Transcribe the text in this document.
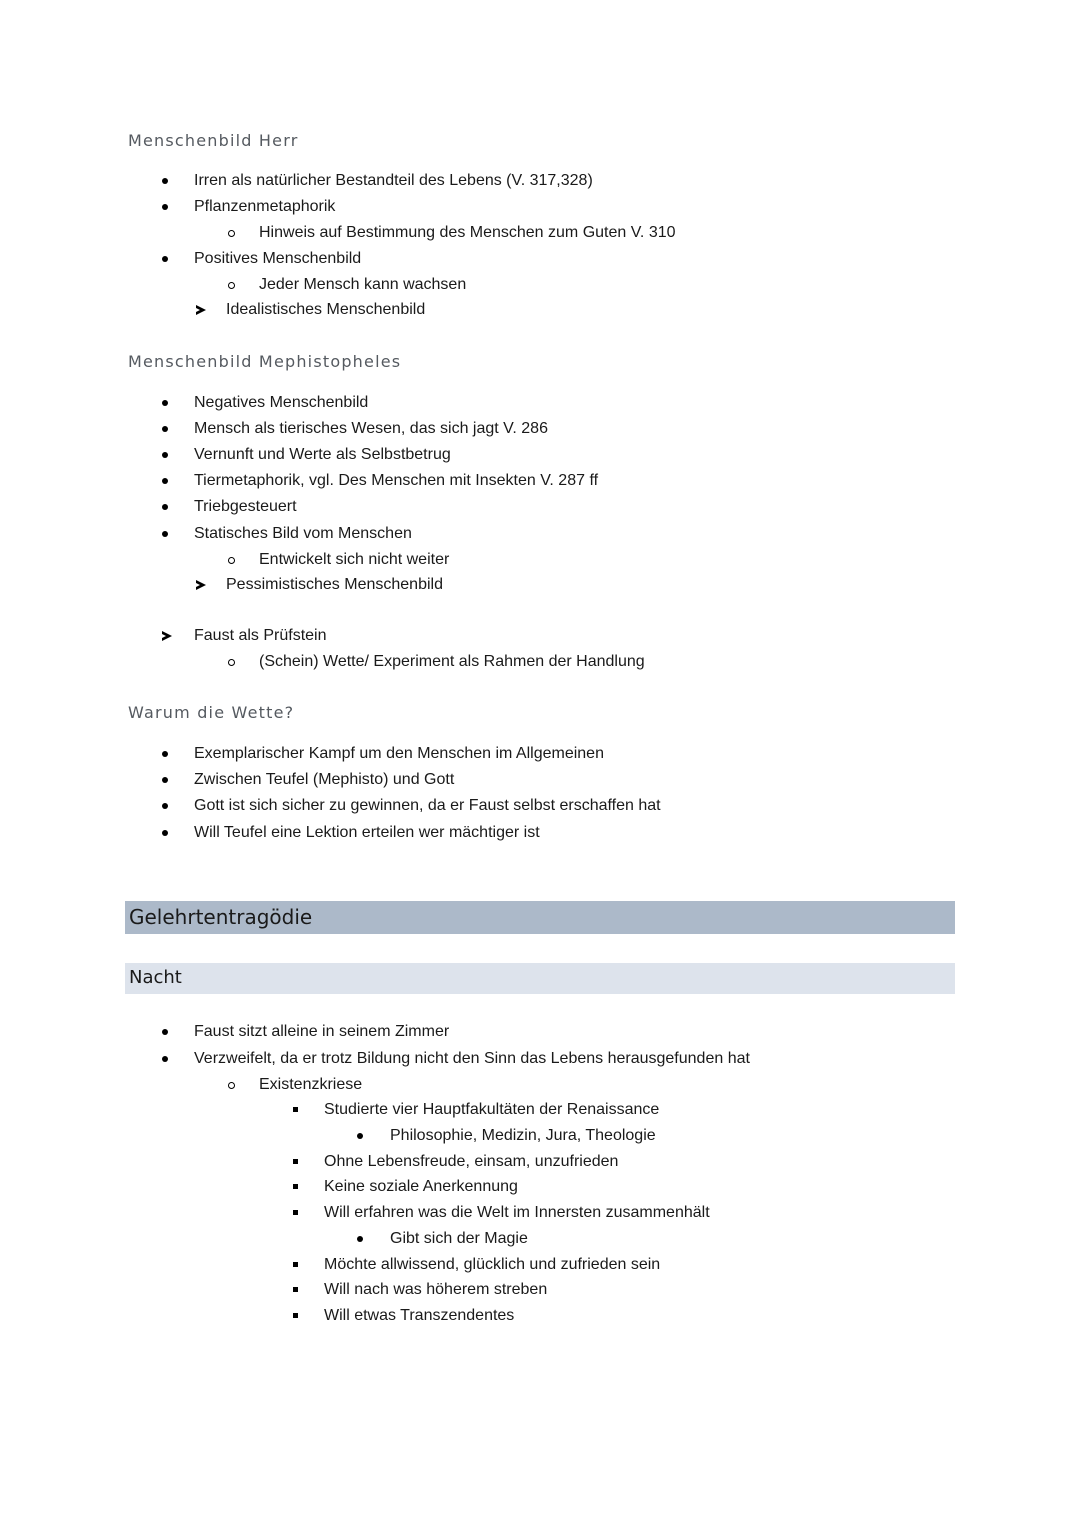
Menschenbild Herr
Irren als natürlicher Bestandteil des Lebens (V. 317,328)
Pflanzenmetaphorik
Hinweis auf Bestimmung des Menschen zum Guten V. 310
Positives Menschenbild
Jeder Mensch kann wachsen
Idealistisches Menschenbild
Menschenbild Mephistopheles
Negatives Menschenbild
Mensch als tierisches Wesen, das sich jagt V. 286
Vernunft und Werte als Selbstbetrug
Tiermetaphorik, vgl. Des Menschen mit Insekten V. 287 ff
Triebgesteuert
Statisches Bild vom Menschen
Entwickelt sich nicht weiter
Pessimistisches Menschenbild
Faust als Prüfstein
(Schein) Wette/ Experiment als Rahmen der Handlung
Warum die Wette?
Exemplarischer Kampf um den Menschen im Allgemeinen
Zwischen Teufel (Mephisto) und Gott
Gott ist sich sicher zu gewinnen, da er Faust selbst erschaffen hat
Will Teufel eine Lektion erteilen wer mächtiger ist
Gelehrtentragödie
Nacht
Faust sitzt alleine in seinem Zimmer
Verzweifelt, da er trotz Bildung nicht den Sinn das Lebens herausgefunden hat
Existenzkriese
Studierte vier Hauptfakultäten der Renaissance
Philosophie, Medizin, Jura, Theologie
Ohne Lebensfreude, einsam, unzufrieden
Keine soziale Anerkennung
Will erfahren was die Welt im Innersten zusammenhält
Gibt sich der Magie
Möchte allwissend, glücklich und zufrieden sein
Will nach was höherem streben
Will etwas Transzendentes
